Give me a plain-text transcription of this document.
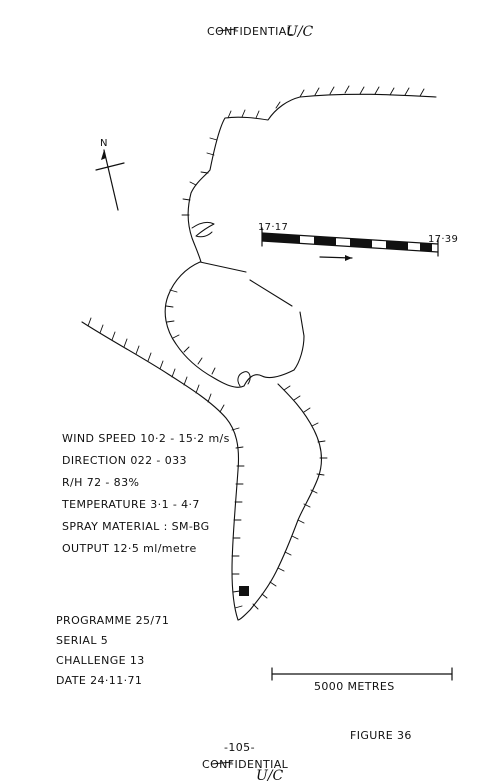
CONFIDENTIAL
U/C
N
17·17
17·39
WIND SPEED 10·2 - 15·2 m/s
DIRECTION 022 - 033
R/H 72 - 83%
TEMPERATURE 3·1 - 4·7
SPRAY MATERIAL : SM-BG
OUTPUT 12·5 ml/metre
PROGRAMME 25/71
SERIAL 5
CHALLENGE 13
DATE 24·11·71	5000 METRES
FIGURE 36
-105-
CONFIDENTIAL
U/C
